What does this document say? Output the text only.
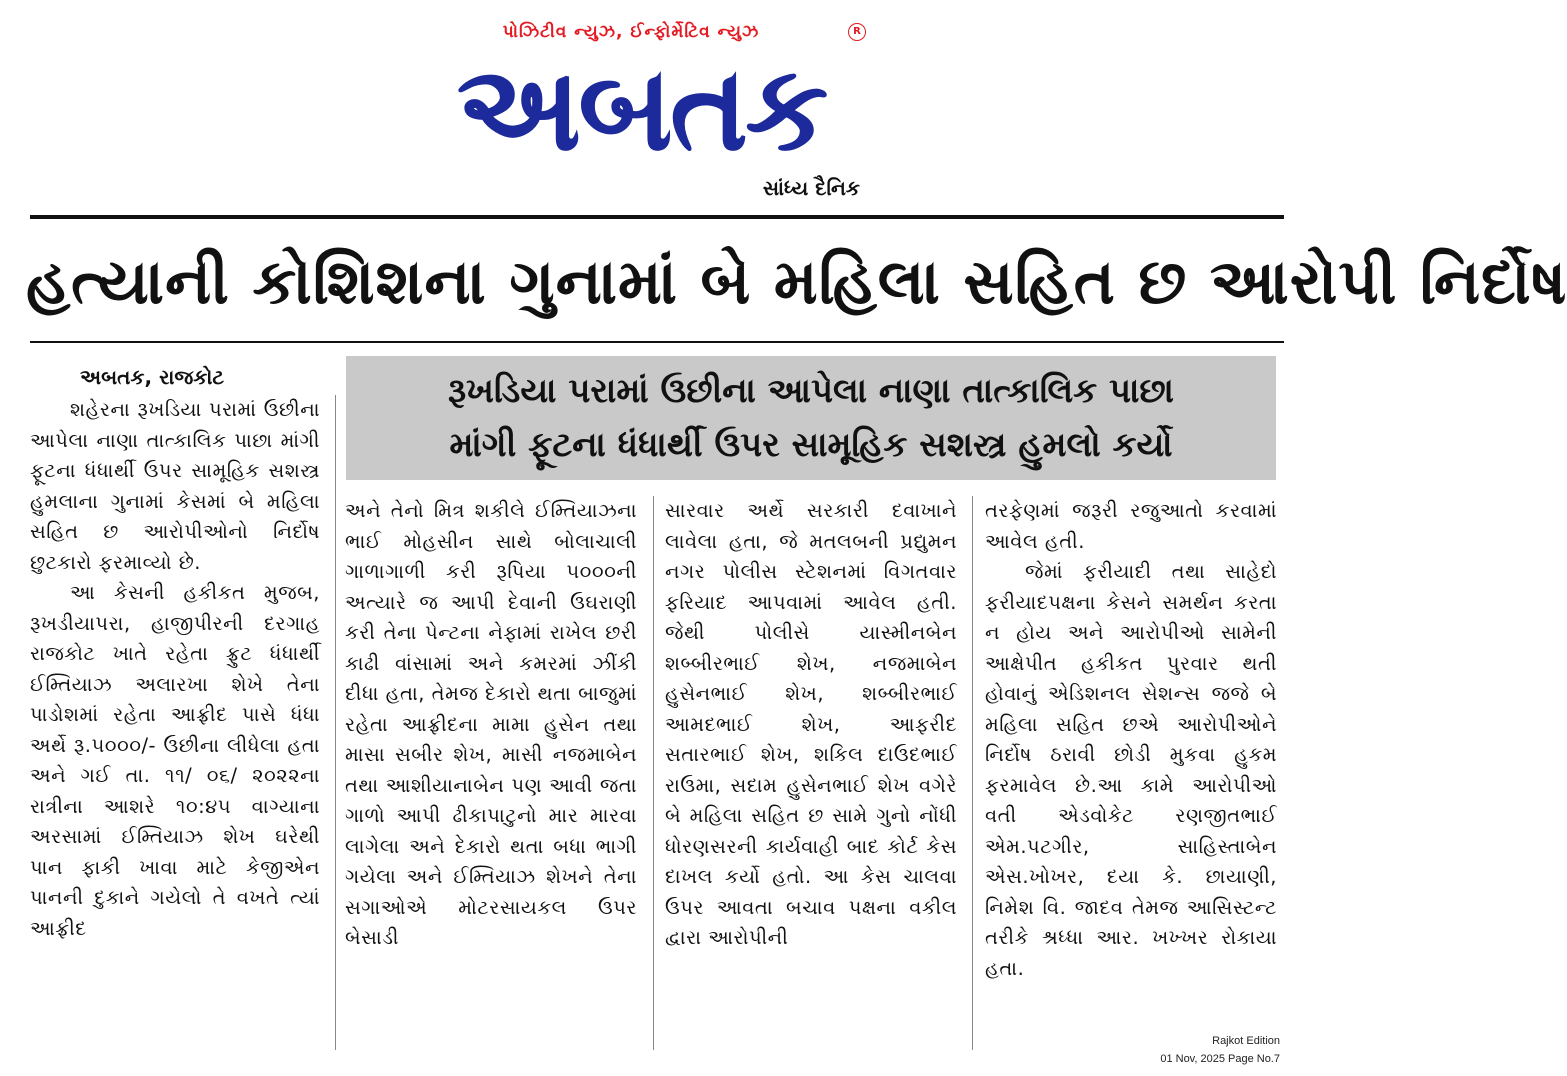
પોઝિટીવ ન્યુઝ, ઈન્ફોર્મેટિવ ન્યુઝ	R
અબતક
સાંધ્ય દૈનિક
હત્યાની કોશિશના ગુનામાં બે મહિલા સહિત છ આરોપી નિર્દોષ
અબતક, રાજકોટ	રૂખડિયા પરામાં ઉછીના આપેલા નાણા તાત્કાલિક પાછા
માંગી ફૂટના ધંધાર્થી ઉપર સામૂહિક સશસ્ત્ર હુમલો કર્યો

શહેરના રૂખડિયા પરામાં ઉછીના આપેલા નાણા તાત્કાલિક પાછા માંગી ફૂટના ધંધાર્થી ઉપર સામૂહિક સશસ્ત્ર હુમલાના ગુનામાં કેસમાં બે મહિલા સહિત છ આરોપીઓનો નિર્દોષ છુટકારો ફરમાવ્યો છે.

આ કેસની હકીકત મુજબ, રૂખડીયાપરા, હાજીપીરની દરગાહ રાજકોટ ખાતે રહેતા ફ્રુટ ધંધાર્થી ઈમ્તિયાઝ અલારખા શેખે તેના પાડોશમાં રહેતા આફ્રીદ પાસે ધંધા અર્થે રૂ.૫૦૦૦/- ઉછીના લીધેલા હતા અને ગઈ તા. ૧૧/ ૦૬/ ૨૦૨૨ના રાત્રીના આશરે ૧૦:૪૫ વાગ્યાના અરસામાં ઈમ્તિયાઝ શેખ ઘરેથી પાન ફાકી ખાવા માટે કેજીએન પાનની દુકાને ગયેલો તે વખતે ત્યાં આફ્રીદ

અને તેનો મિત્ર શકીલે ઈમ્તિયાઝના ભાઈ મોહસીન સાથે બોલાચાલી ગાળાગાળી કરી રૂપિયા ૫૦૦૦ની અત્યારે જ આપી દેવાની ઉઘરાણી કરી તેના પેન્ટના નેફામાં રાખેલ છરી કાઢી વાંસામાં અને કમરમાં ઝીંકી દીધા હતા, તેમજ દેકારો થતા બાજુમાં રહેતા આફ્રીદના મામા હુસેન તથા માસા સબીર શેખ, માસી નજમાબેન તથા આશીયાનાબેન પણ આવી જતા ગાળો આપી ઢીકાપાટુનો માર મારવા લાગેલા અને દેકારો થતા બધા ભાગી ગયેલા અને ઈમ્તિયાઝ શેખને તેના સગાઓએ મોટરસાયકલ ઉપર બેસાડી

સારવાર અર્થે સરકારી દવાખાને લાવેલા હતા, જે મતલબની પ્રદ્યુમન નગર પોલીસ સ્ટેશનમાં વિગતવાર ફરિયાદ આપવામાં આવેલ હતી. જેથી પોલીસે યાસ્મીનબેન શબ્બીરભાઈ શેખ, નજમાબેન હુસેનભાઈ શેખ, શબ્બીરભાઈ આમદભાઈ શેખ, આફરીદ સતારભાઈ શેખ, શકિલ દાઉદભાઈ રાઉમા, સદામ હુસેનભાઈ શેખ વગેરે બે મહિલા સહિત છ સામે ગુનો નોંધી ધોરણસરની કાર્યવાહી બાદ કોર્ટ કેસ દાખલ કર્યો હતો. આ કેસ ચાલવા ઉપર આવતા બચાવ પક્ષના વકીલ દ્વારા આરોપીની

તરફેણમાં જરૂરી રજુઆતો કરવામાં આવેલ હતી.

જેમાં ફરીયાદી તથા સાહેદો ફરીયાદપક્ષના કેસને સમર્થન કરતા ન હોય અને આરોપીઓ સામેની આક્ષેપીત હકીકત પુરવાર થતી હોવાનું એડિશનલ સેશન્સ જજે બે મહિલા સહિત છએ આરોપીઓને નિર્દોષ ઠરાવી છોડી મુકવા હુકમ ફરમાવેલ છે.આ કામે આરોપીઓ વતી એડવોકેટ રણજીતભાઈ એમ.પટગીર, સાહિસ્તાબેન એસ.ખોખર, દયા કે. છાયાણી, નિમેશ વિ. જાદવ તેમજ આસિસ્ટન્ટ તરીકે શ્રધ્ધા આર. ખખ્ખર રોકાયા હતા.

Rajkot Edition
01 Nov, 2025 Page No.7
